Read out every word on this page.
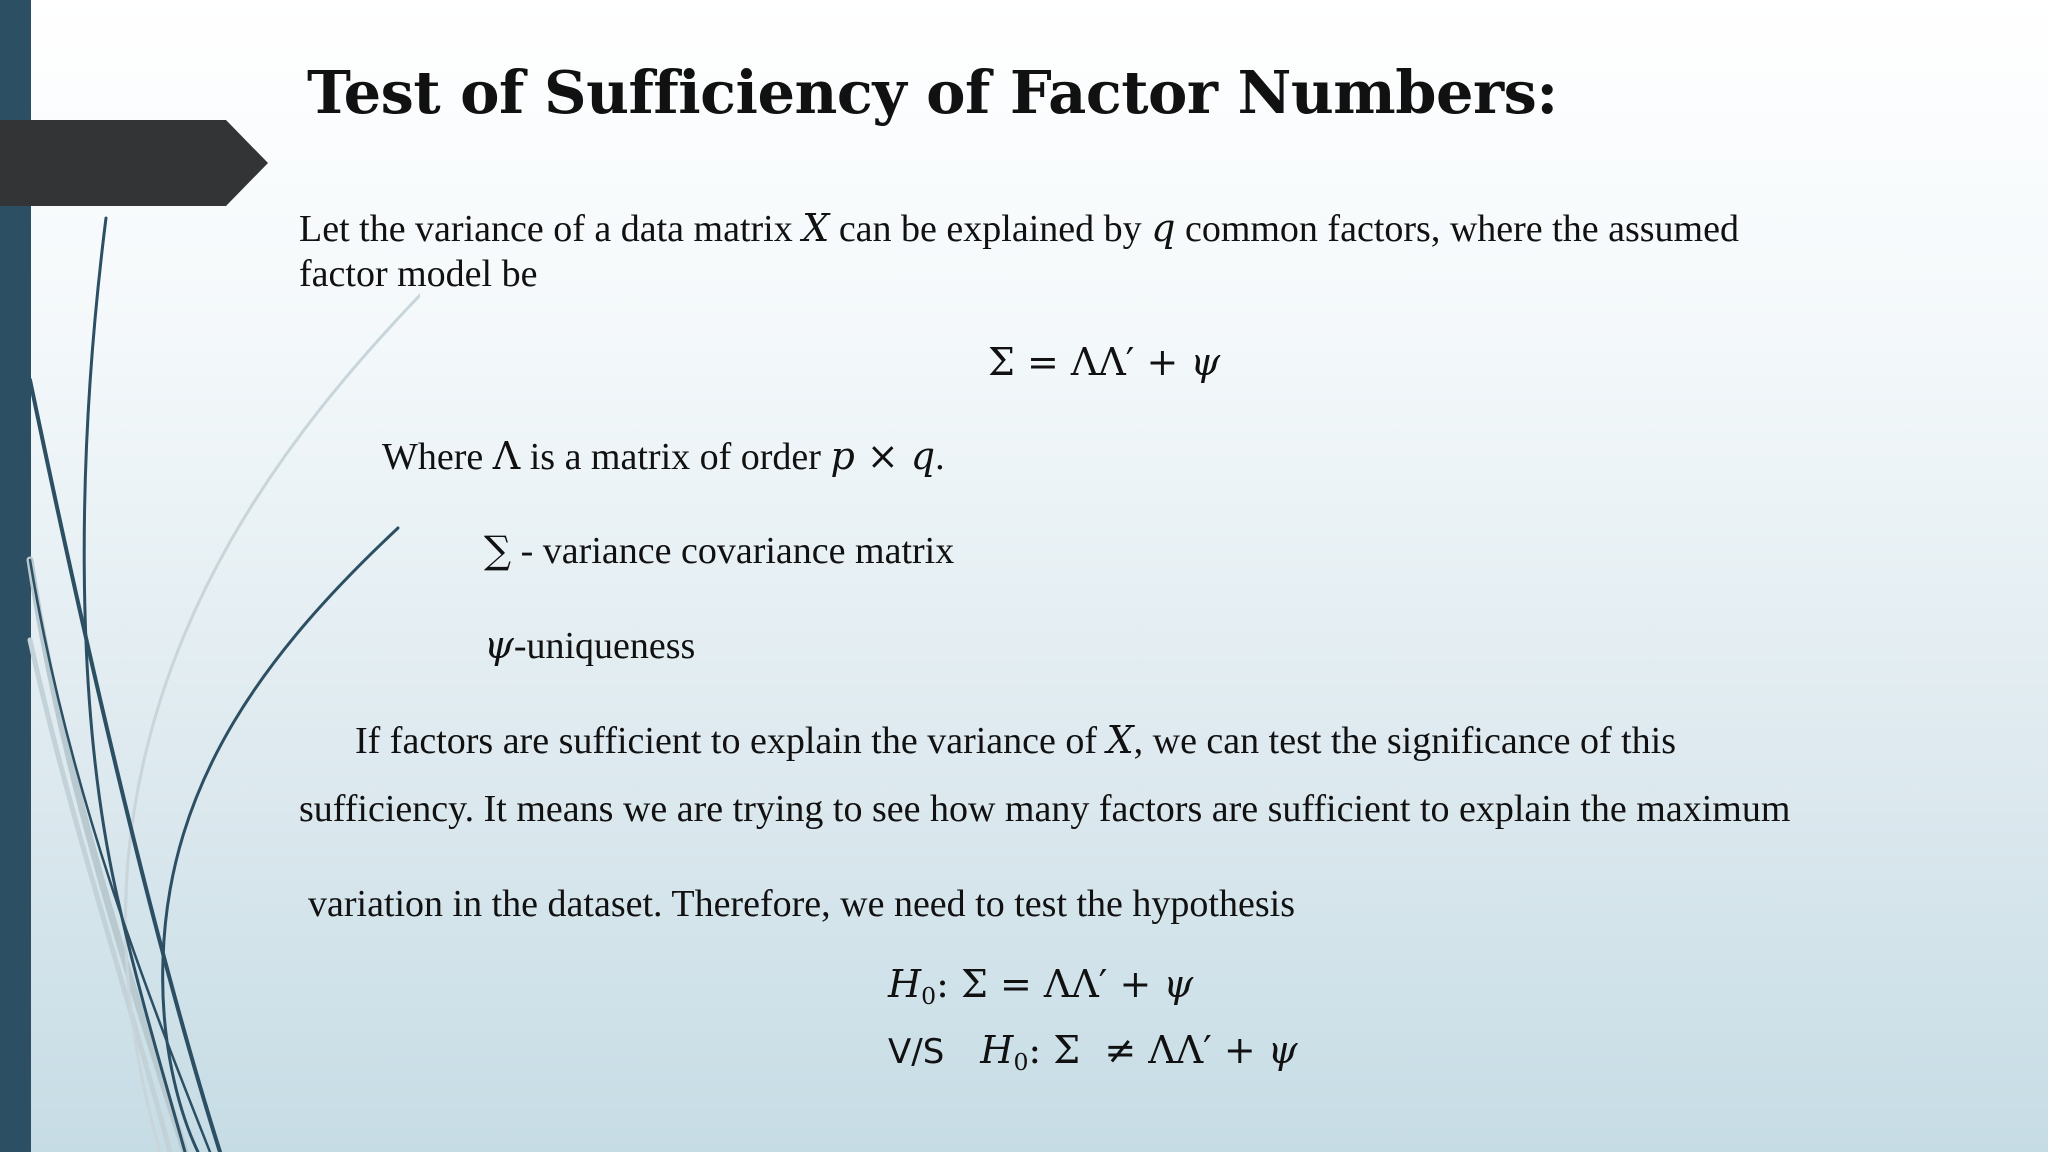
Test of Sufficiency of Factor Numbers:
Let the variance of a data matrix X can be explained by q common factors, where the assumed
factor model be
Σ = ΛΛ′ + ψ
Where Λ is a matrix of order p × q.
∑ - variance covariance matrix
ψ-uniqueness
If factors are sufficient to explain the variance of X, we can test the significance of this
sufficiency. It means we are trying to see how many factors are sufficient to explain the maximum
variation in the dataset. Therefore, we need to test the hypothesis
$H_0$: Σ = ΛΛ′ + ψ
V/S $H_0$: Σ  ≠ ΛΛ′ + ψ
